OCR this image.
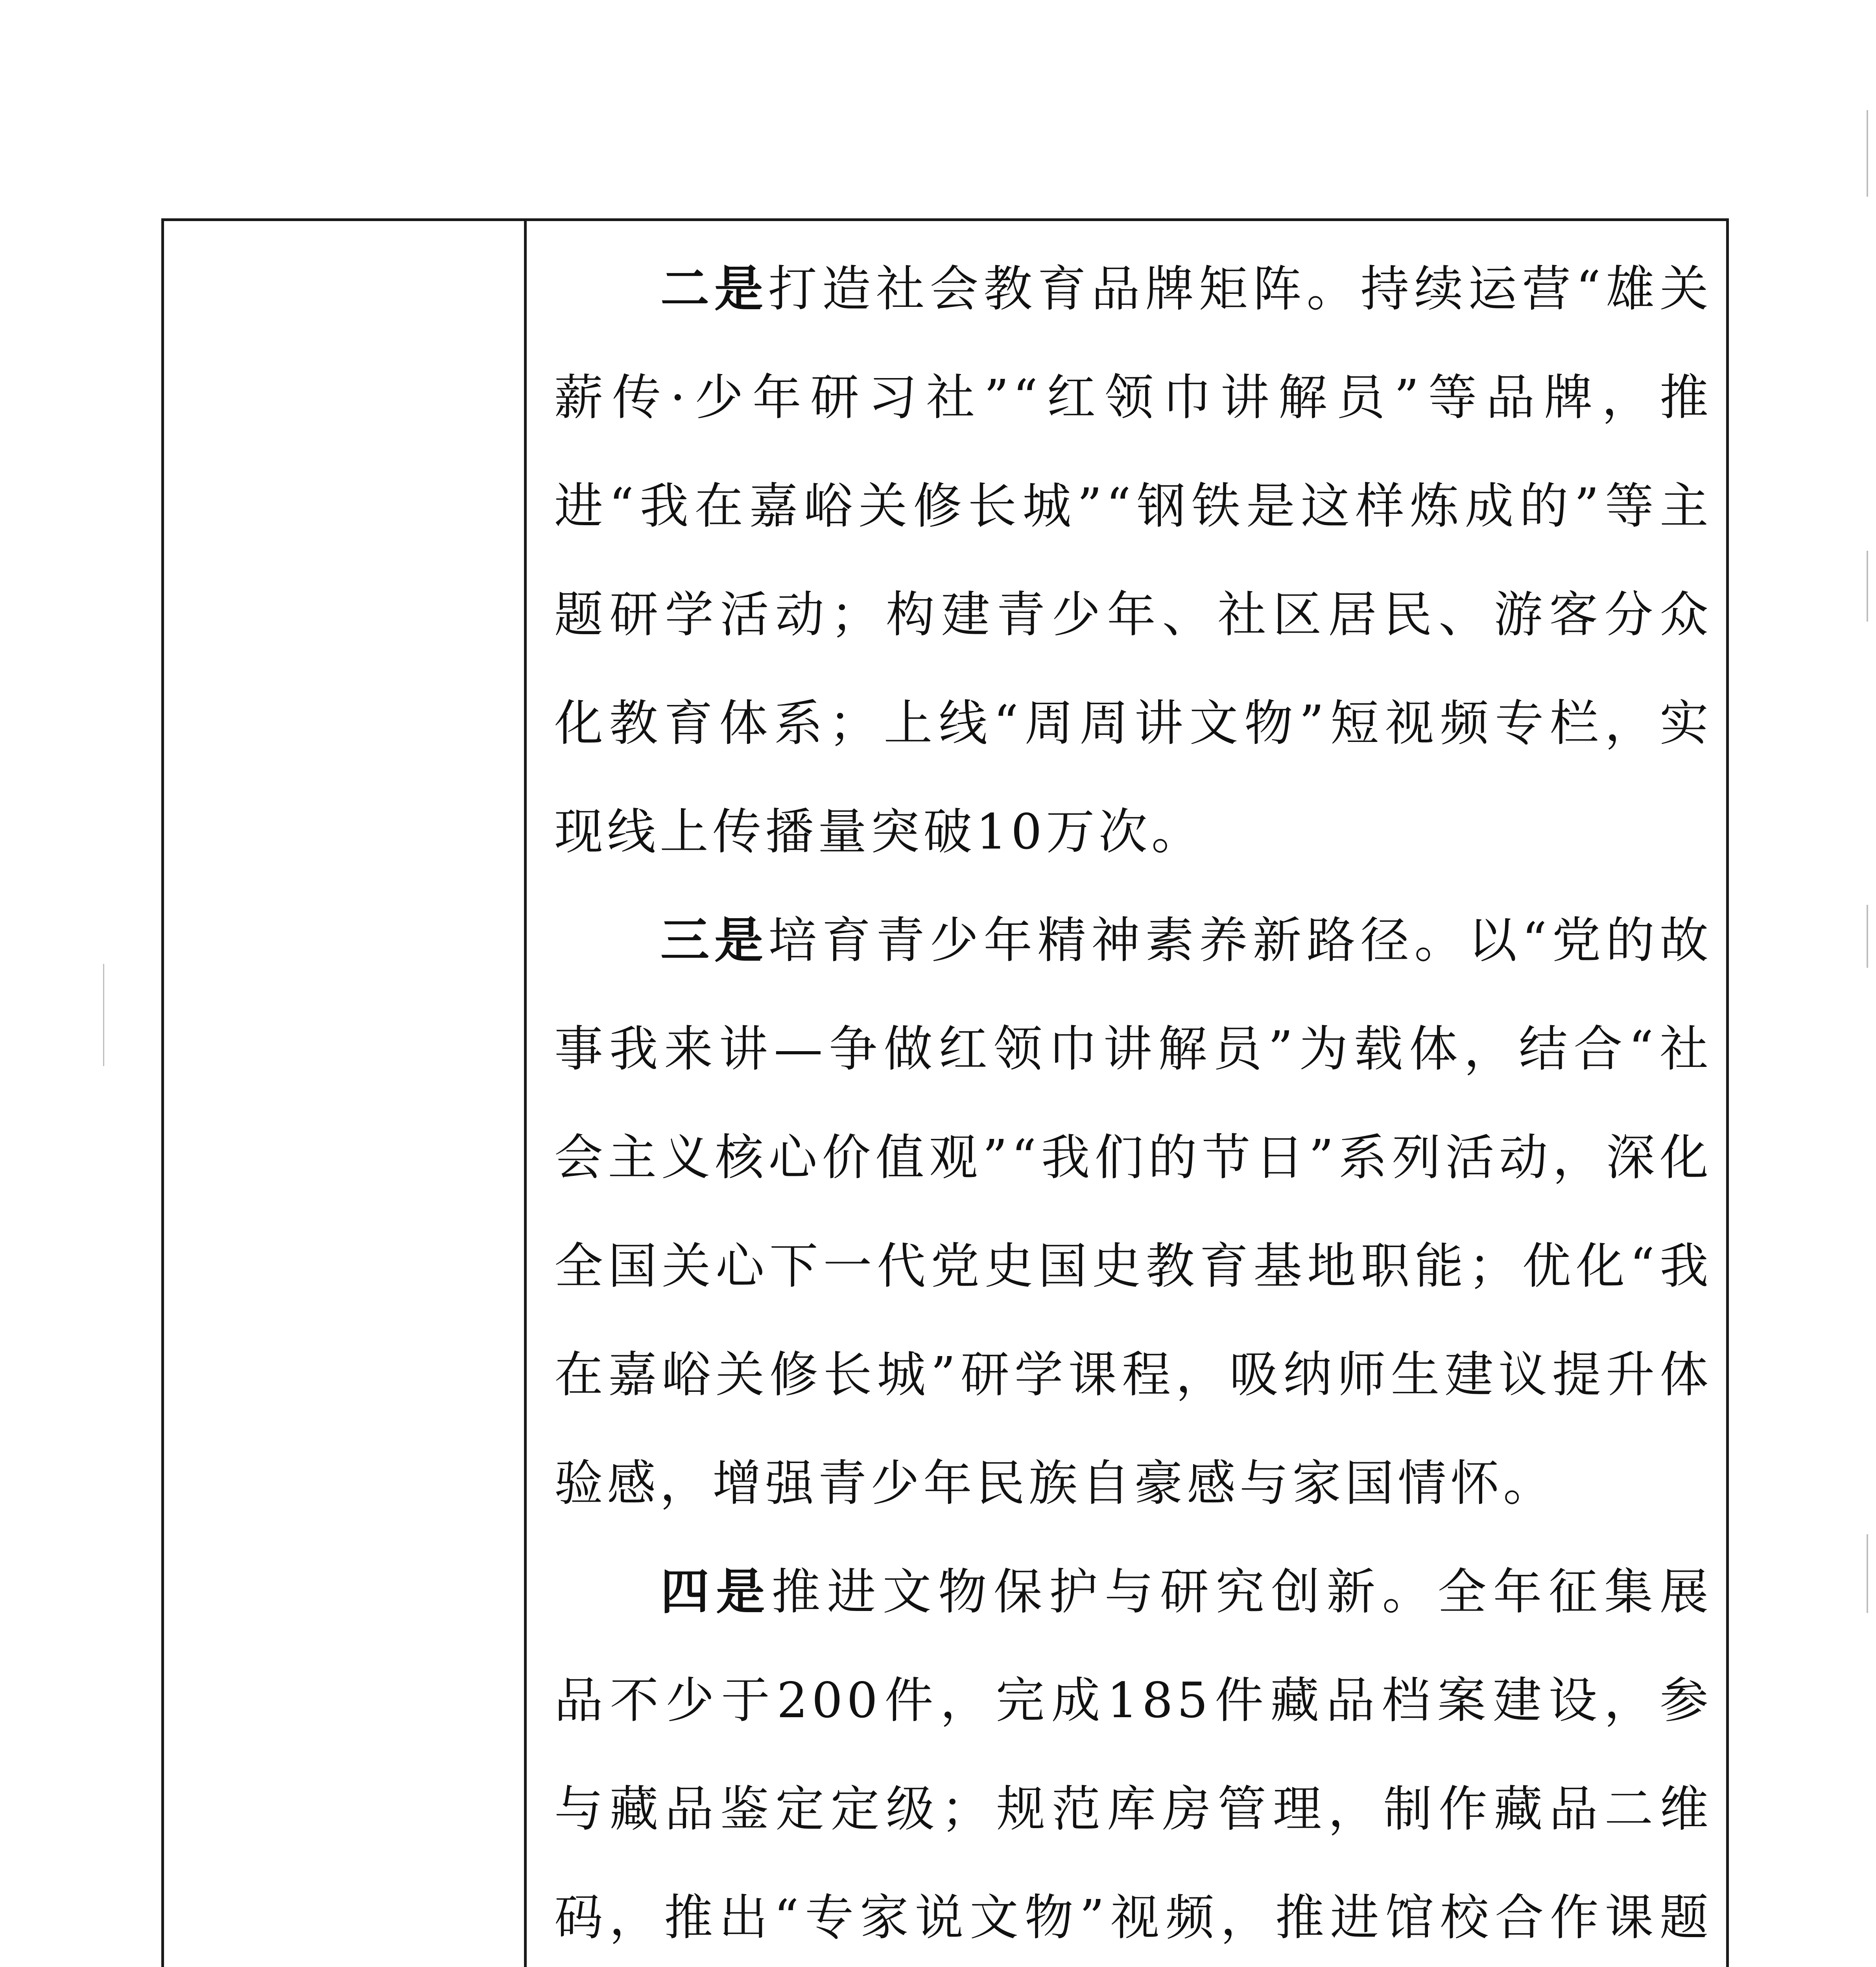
二是打造社会教育品牌矩阵。持续运营“雄关薪传·少年研习社”“红领巾讲解员”等品牌，推进“我在嘉峪关修长城”“钢铁是这样炼成的”等主题研学活动；构建青少年、社区居民、游客分众化教育体系；上线“周周讲文物”短视频专栏，实现线上传播量突破10万次。

三是培育青少年精神素养新路径。以“党的故事我来讲—争做红领巾讲解员”为载体，结合“社会主义核心价值观”“我们的节日”系列活动，深化全国关心下一代党史国史教育基地职能；优化“我在嘉峪关修长城”研学课程，吸纳师生建议提升体验感，增强青少年民族自豪感与家国情怀。

四是推进文物保护与研究创新。全年征集展品不少于200件，完成185件藏品档案建设，参与藏品鉴定定级；规范库房管理，制作藏品二维码，推出“专家说文物”视频，推进馆校合作课题
